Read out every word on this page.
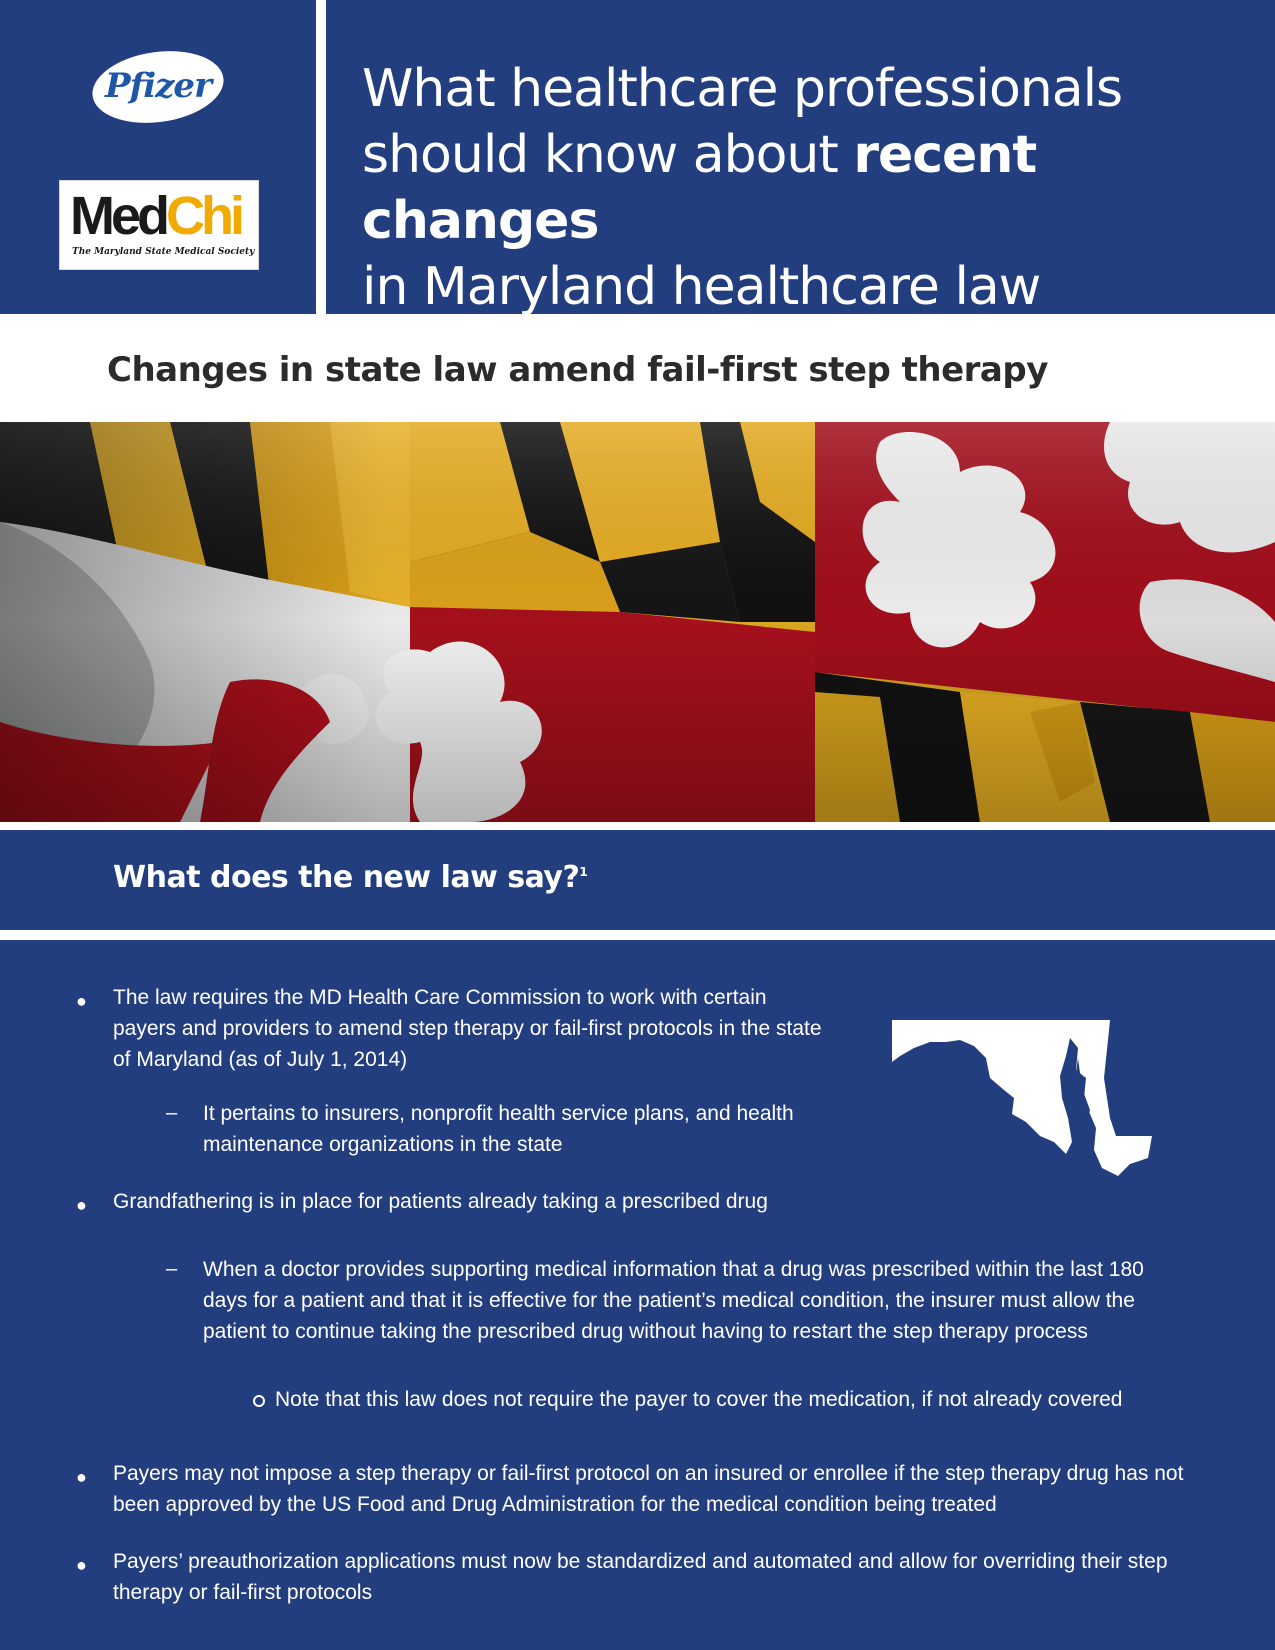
Pfizer
MedChi
The Maryland State Medical Society
What healthcare professionals
should know about recent changes
in Maryland healthcare law
Changes in state law amend fail-first step therapy
What does the new law say?$^1$
● The law requires the MD Health Care Commission to work with certain payers and providers to amend step therapy or fail-first protocols in the state of Maryland (as of July 1, 2014)

– It pertains to insurers, nonprofit health service plans, and health maintenance organizations in the state

● Grandfathering is in place for patients already taking a prescribed drug

– When a doctor provides supporting medical information that a drug was prescribed within the last 180 days for a patient and that it is effective for the patient’s medical condition, the insurer must allow the patient to continue taking the prescribed drug without having to restart the step therapy process

Note that this law does not require the payer to cover the medication, if not already covered

● Payers may not impose a step therapy or fail-first protocol on an insured or enrollee if the step therapy drug has not been approved by the US Food and Drug Administration for the medical condition being treated

● Payers’ preauthorization applications must now be standardized and automated and allow for overriding their step therapy or fail-first protocols
